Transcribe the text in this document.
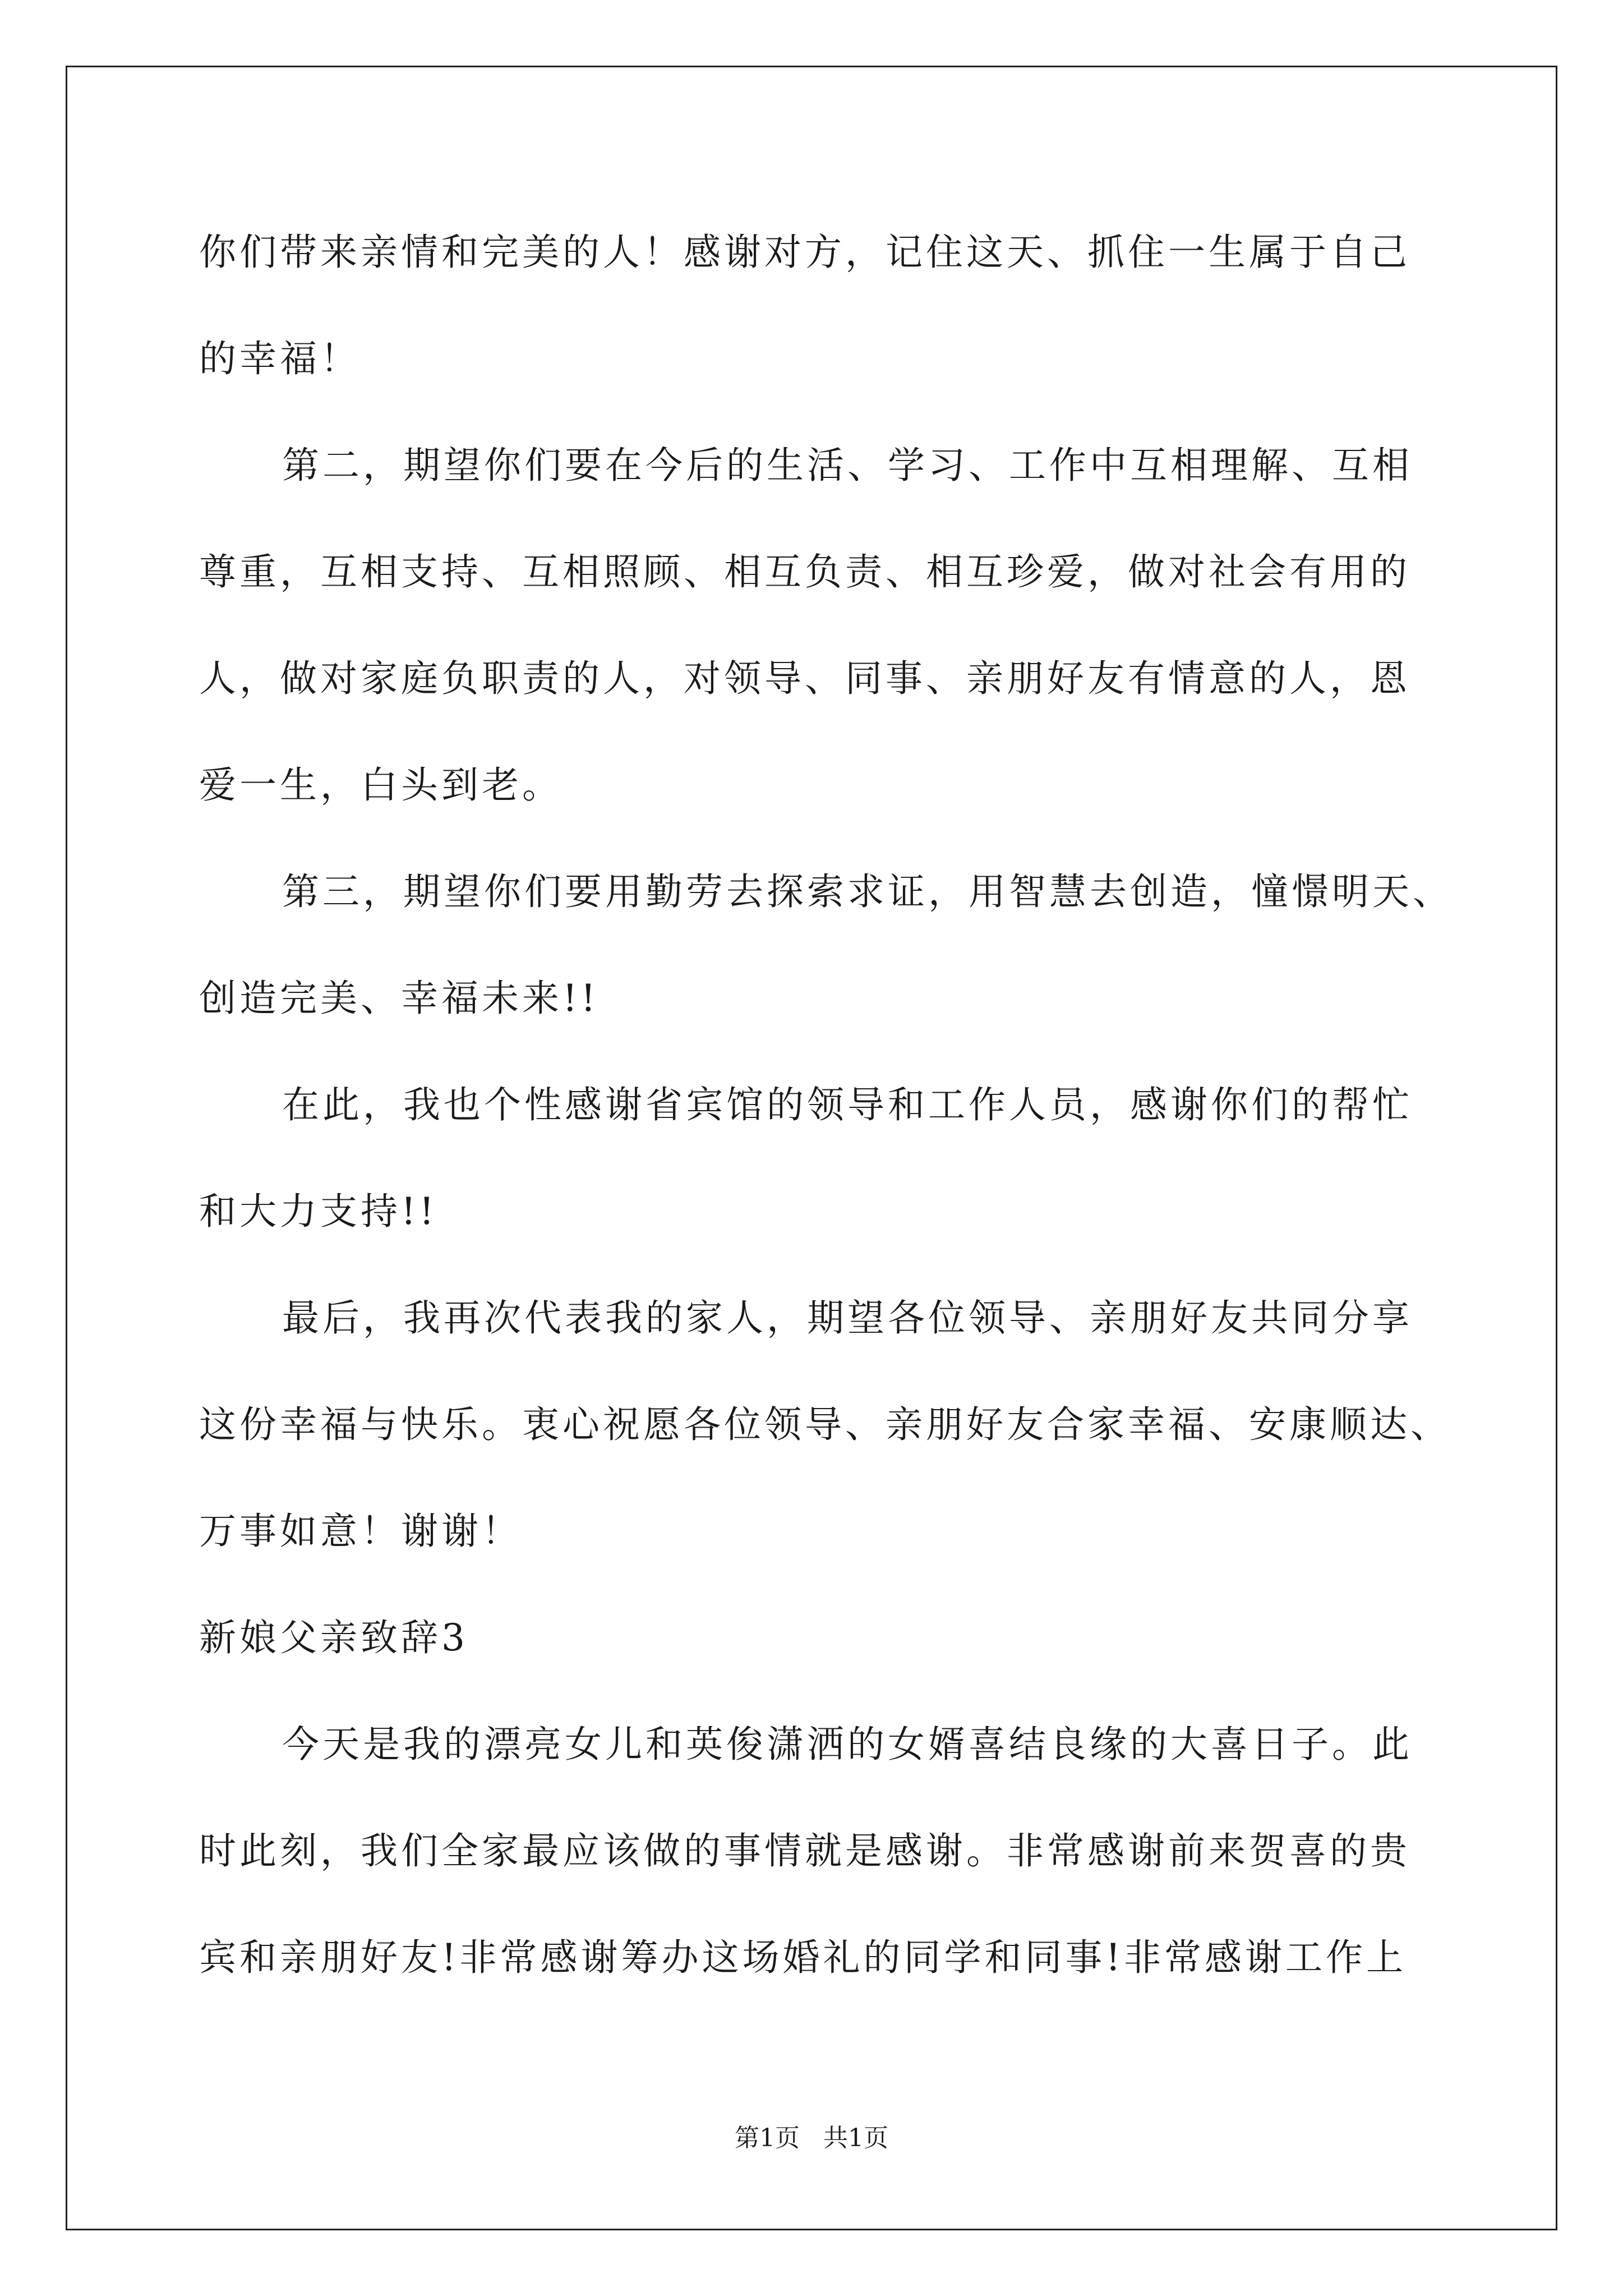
你们带来亲情和完美的人！感谢对方，记住这天、抓住一生属于自己
的幸福！
第二，期望你们要在今后的生活、学习、工作中互相理解、互相
尊重，互相支持、互相照顾、相互负责、相互珍爱，做对社会有用的
人，做对家庭负职责的人，对领导、同事、亲朋好友有情意的人，恩
爱一生，白头到老。
第三，期望你们要用勤劳去探索求证，用智慧去创造，憧憬明天、
创造完美、幸福未来!!
在此，我也个性感谢省宾馆的领导和工作人员，感谢你们的帮忙
和大力支持!!
最后，我再次代表我的家人，期望各位领导、亲朋好友共同分享
这份幸福与快乐。衷心祝愿各位领导、亲朋好友合家幸福、安康顺达、
万事如意！谢谢！
新娘父亲致辞3
今天是我的漂亮女儿和英俊潇洒的女婿喜结良缘的大喜日子。此
时此刻，我们全家最应该做的事情就是感谢。非常感谢前来贺喜的贵
宾和亲朋好友!非常感谢筹办这场婚礼的同学和同事!非常感谢工作上
第1页   共1页
